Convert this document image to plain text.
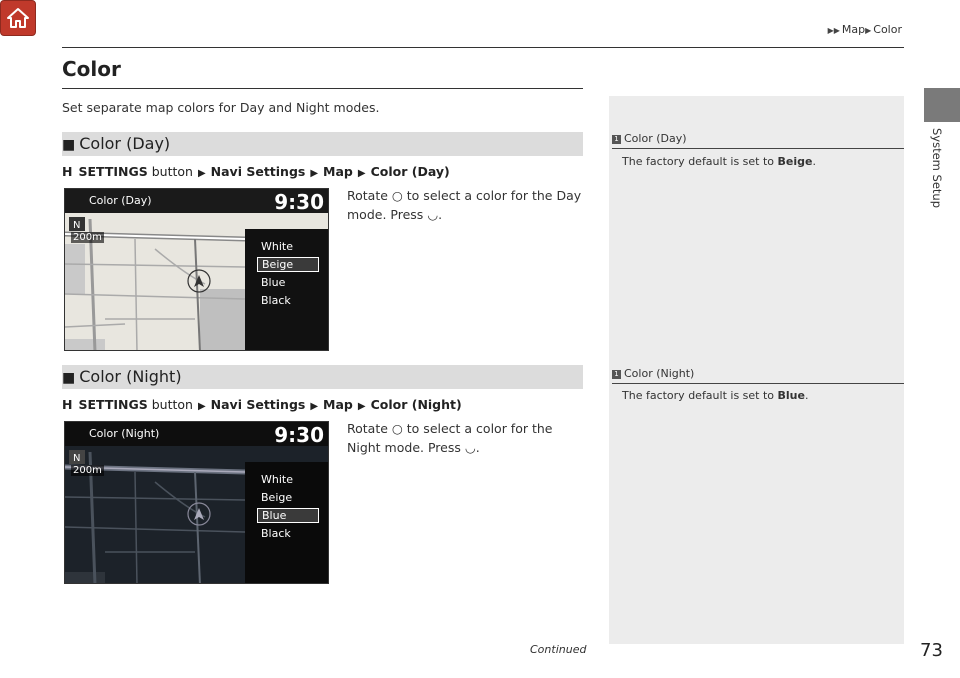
▶▶ Map▶ Color
Color
Set separate map colors for Day and Night modes.
■ Color (Day)
H SETTINGS button ▶ Navi Settings ▶ Map ▶ Color (Day)
N
Color (Day)	9:30
200m
White
Beige
Blue
Black
Rotate ○ to select a color for the Day mode. Press ◡.
1 Color (Day)
The factory default is set to Beige.
■ Color (Night)
H SETTINGS button ▶ Navi Settings ▶ Map ▶ Color (Night)
N
Color (Night)	9:30
200m
White
Beige
Blue
Black
Rotate ○ to select a color for the Night mode. Press ◡.
1 Color (Night)
The factory default is set to Blue.
System Setup
Continued	73
